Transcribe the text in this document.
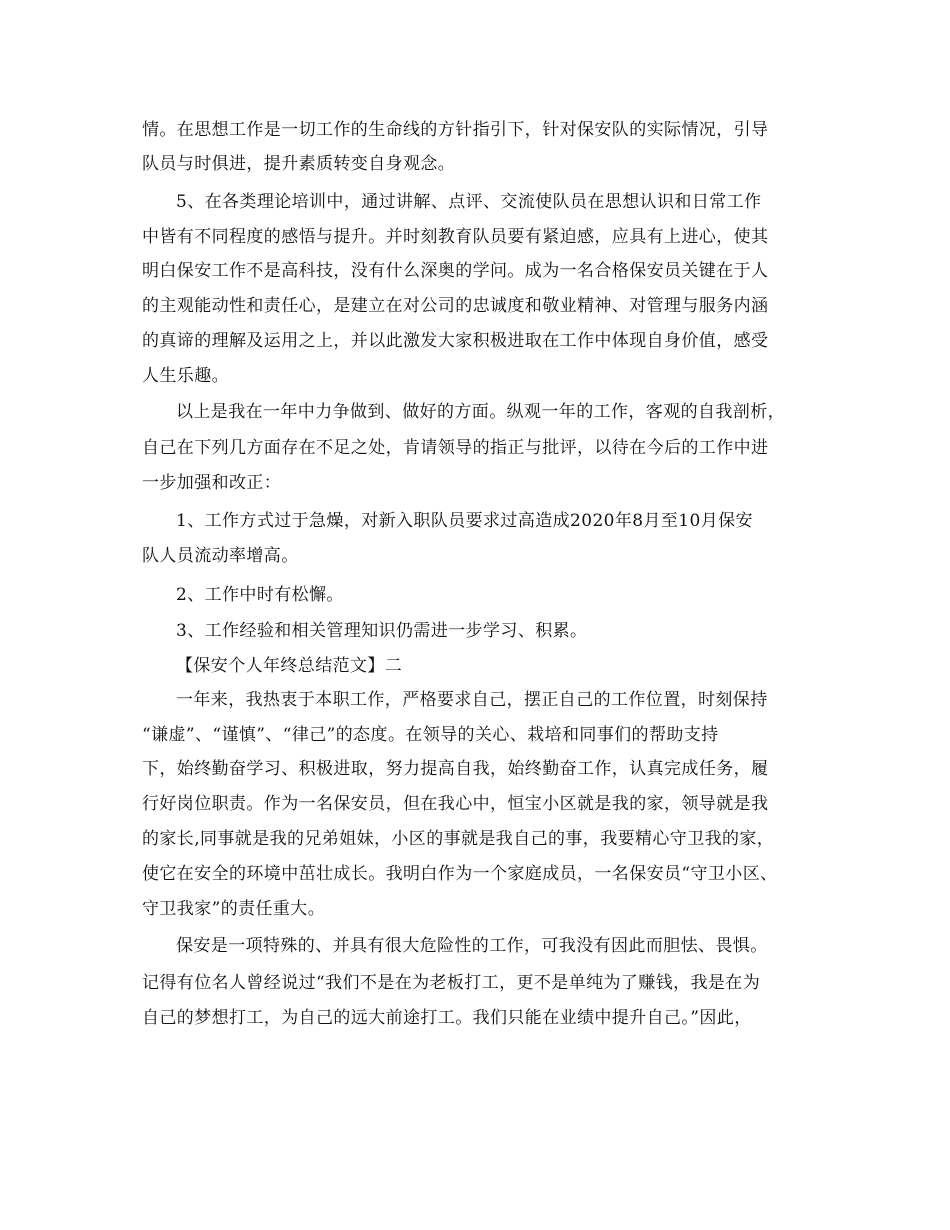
情。在思想工作是一切工作的生命线的方针指引下，针对保安队的实际情况，引导
队员与时俱进，提升素质转变自身观念。
5、在各类理论培训中，通过讲解、点评、交流使队员在思想认识和日常工作
中皆有不同程度的感悟与提升。并时刻教育队员要有紧迫感，应具有上进心，使其
明白保安工作不是高科技，没有什么深奥的学问。成为一名合格保安员关键在于人
的主观能动性和责任心，是建立在对公司的忠诚度和敬业精神、对管理与服务内涵
的真谛的理解及运用之上，并以此激发大家积极进取在工作中体现自身价值，感受
人生乐趣。
以上是我在一年中力争做到、做好的方面。纵观一年的工作，客观的自我剖析，
自己在下列几方面存在不足之处，肯请领导的指正与批评，以待在今后的工作中进
一步加强和改正：
1、工作方式过于急燥，对新入职队员要求过高造成2020年8月至10月保安
队人员流动率增高。
2、工作中时有松懈。
3、工作经验和相关管理知识仍需进一步学习、积累。
【保安个人年终总结范文】二
一年来，我热衷于本职工作，严格要求自己，摆正自己的工作位置，时刻保持
“谦虚”、“谨慎”、“律己”的态度。在领导的关心、栽培和同事们的帮助支持
下，始终勤奋学习、积极进取，努力提高自我，始终勤奋工作，认真完成任务，履
行好岗位职责。作为一名保安员，但在我心中，恒宝小区就是我的家，领导就是我
的家长,同事就是我的兄弟姐妹，小区的事就是我自己的事，我要精心守卫我的家，
使它在安全的环境中茁壮成长。我明白作为一个家庭成员，一名保安员“守卫小区、
守卫我家”的责任重大。
保安是一项特殊的、并具有很大危险性的工作，可我没有因此而胆怯、畏惧。
记得有位名人曾经说过“我们不是在为老板打工，更不是单纯为了赚钱，我是在为
自己的梦想打工，为自己的远大前途打工。我们只能在业绩中提升自己。”因此，
